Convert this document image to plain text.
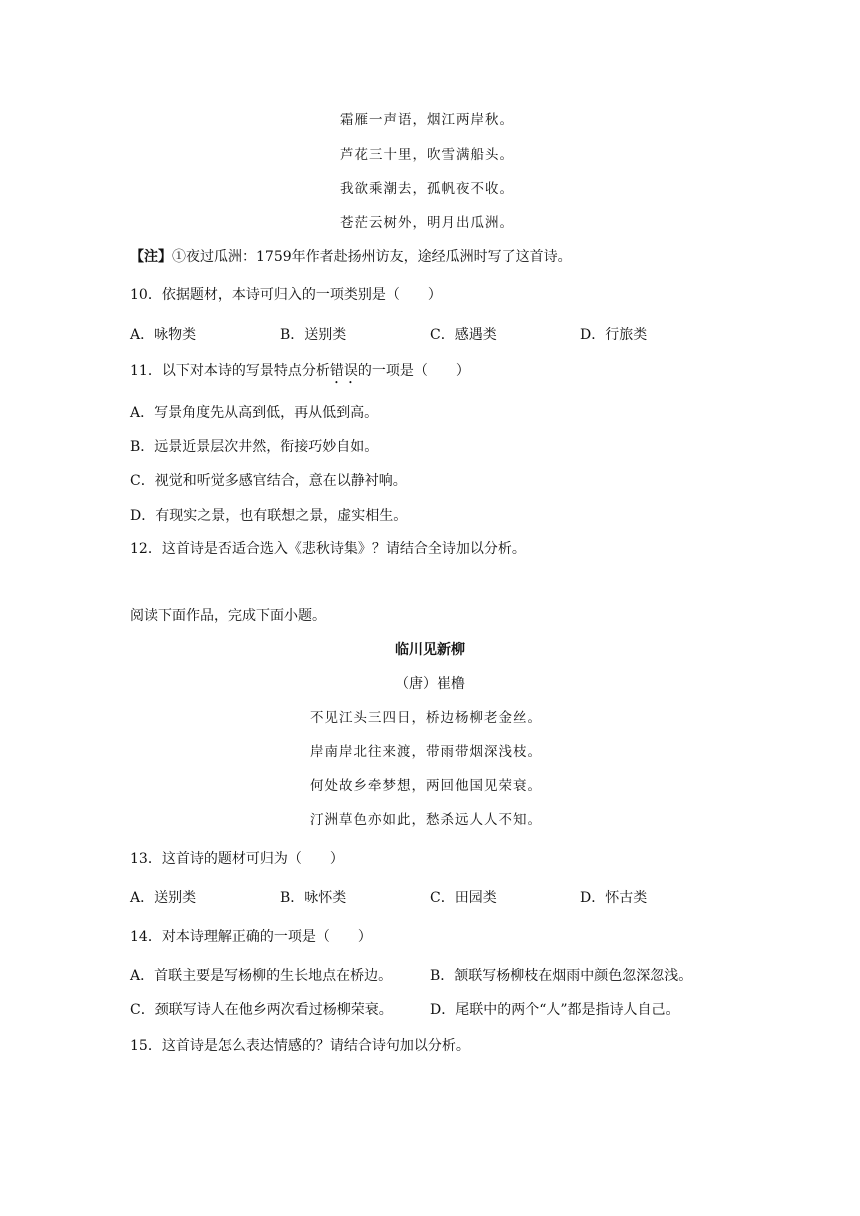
霜雁一声语，烟江两岸秋。
芦花三十里，吹雪满船头。
我欲乘潮去，孤帆夜不收。
苍茫云树外，明月出瓜洲。
【注】①夜过瓜洲：1759年作者赴扬州访友，途经瓜洲时写了这首诗。
10．依据题材，本诗可归入的一项类别是（　　）
A．咏物类	B．送别类	C．感遇类	D．行旅类
11．以下对本诗的写景特点分析错误的一项是（　　）
A．写景角度先从高到低，再从低到高。
B．远景近景层次井然，衔接巧妙自如。
C．视觉和听觉多感官结合，意在以静衬响。
D．有现实之景，也有联想之景，虚实相生。
12．这首诗是否适合选入《悲秋诗集》？请结合全诗加以分析。
阅读下面作品，完成下面小题。
临川见新柳
（唐）崔橹
不见江头三四日，桥边杨柳老金丝。
岸南岸北往来渡，带雨带烟深浅枝。
何处故乡牵梦想，两回他国见荣衰。
汀洲草色亦如此，愁杀远人人不知。
13．这首诗的题材可归为（　　）
A．送别类	B．咏怀类	C．田园类	D．怀古类
14．对本诗理解正确的一项是（　　）
A．首联主要是写杨柳的生长地点在桥边。	B．颔联写杨柳枝在烟雨中颜色忽深忽浅。
C．颈联写诗人在他乡两次看过杨柳荣衰。	D．尾联中的两个“人”都是指诗人自己。
15．这首诗是怎么表达情感的？请结合诗句加以分析。
